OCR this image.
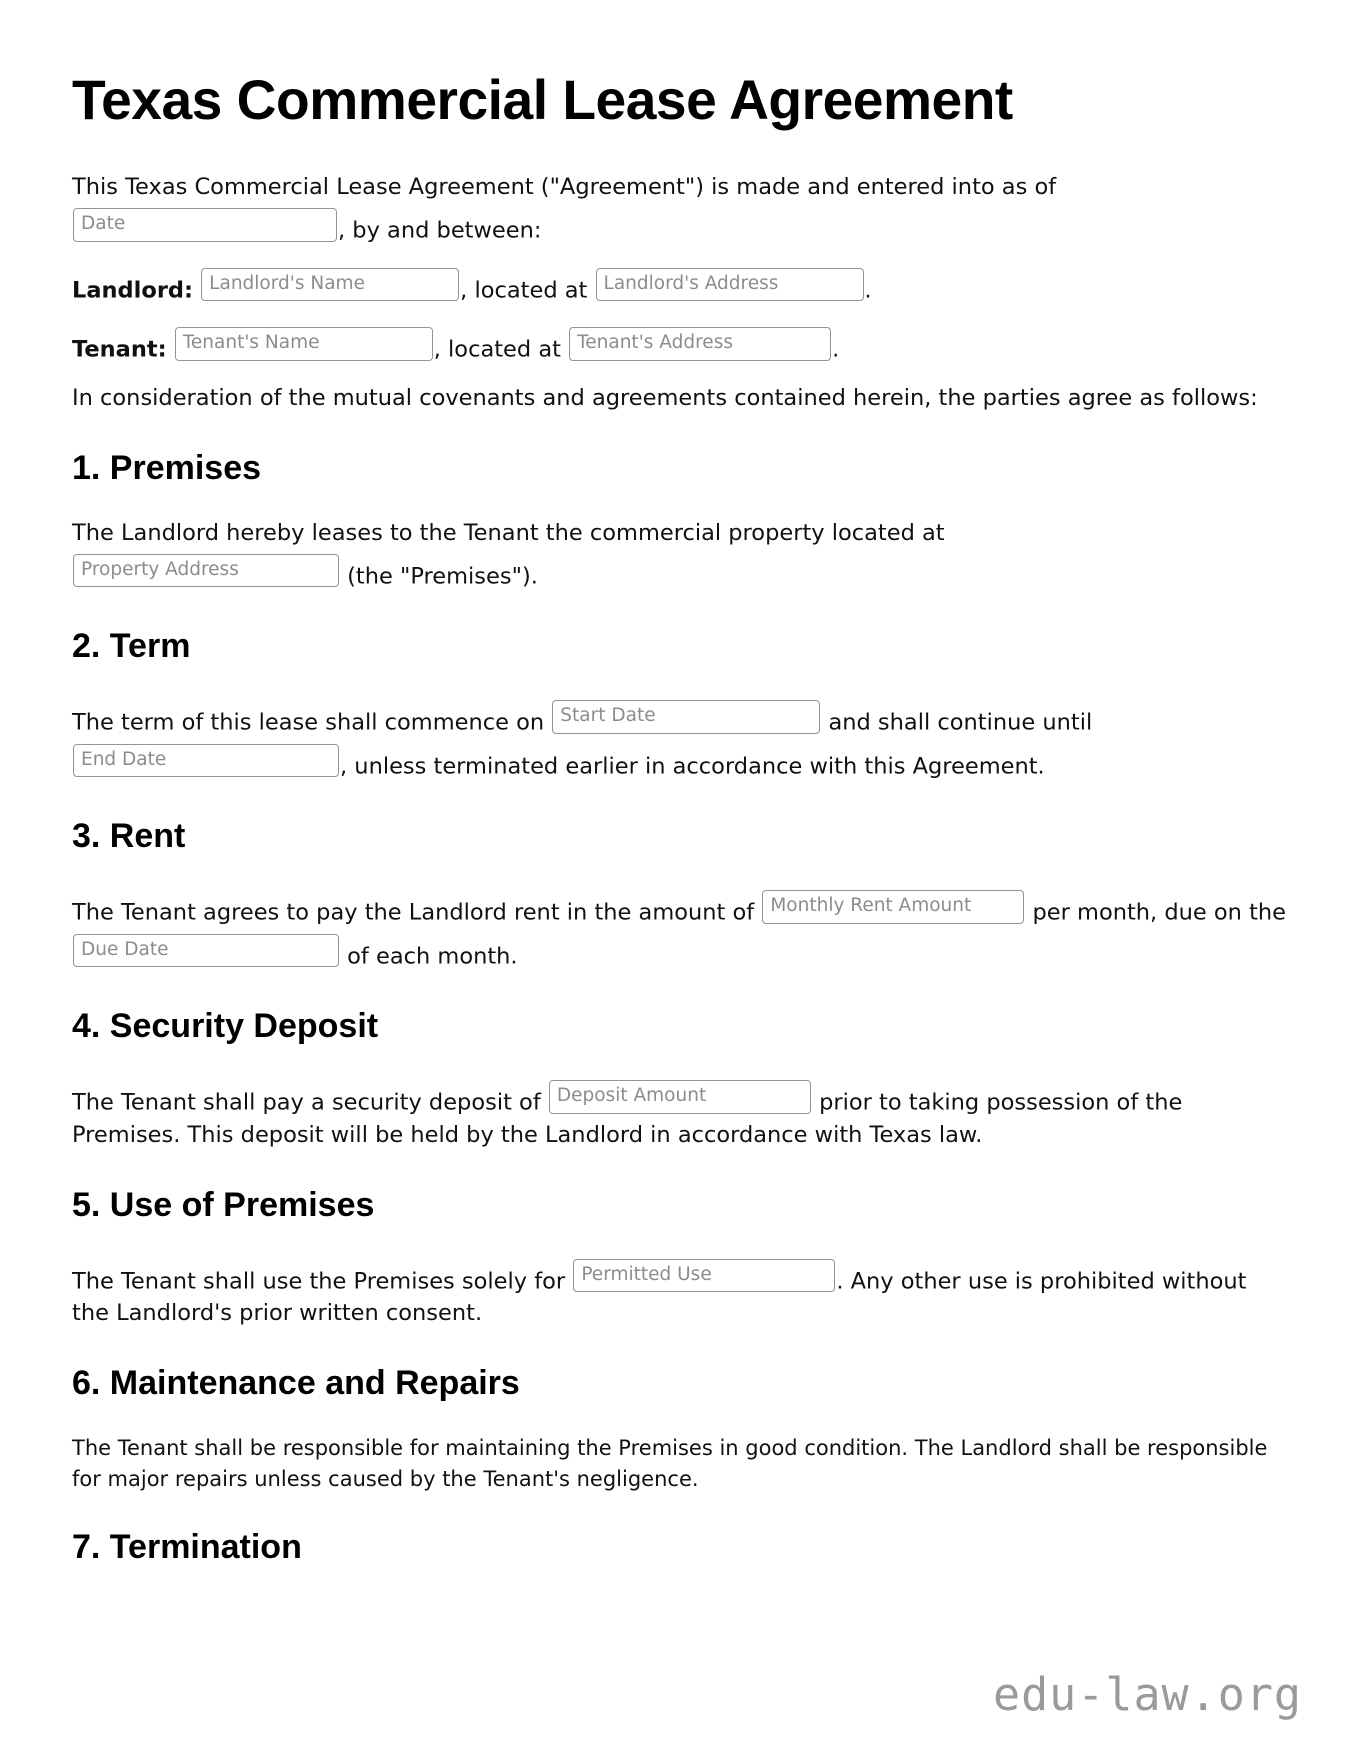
Texas Commercial Lease Agreement

This Texas Commercial Lease Agreement ("Agreement") is made and entered into as of
Date	, by and between:

Landlord: Landlord's Name	, located at Landlord's Address	.

Tenant: Tenant's Name	, located at Tenant's Address	.

In consideration of the mutual covenants and agreements contained herein, the parties agree as follows:

1. Premises

The Landlord hereby leases to the Tenant the commercial property located at
Property Address	(the "Premises").

2. Term

The term of this lease shall commence on Start Date	and shall continue until End Date	, unless terminated earlier in accordance with this Agreement.

3. Rent

The Tenant agrees to pay the Landlord rent in the amount of Monthly Rent Amount	per month, due on the Due Date	of each month.

4. Security Deposit

The Tenant shall pay a security deposit of Deposit Amount	prior to taking possession of the Premises. This deposit will be held by the Landlord in accordance with Texas law.

5. Use of Premises

The Tenant shall use the Premises solely for Permitted Use	. Any other use is prohibited without the Landlord's prior written consent.

6. Maintenance and Repairs

The Tenant shall be responsible for maintaining the Premises in good condition. The Landlord shall be responsible for major repairs unless caused by the Tenant's negligence.

7. Termination
edu-law.org
